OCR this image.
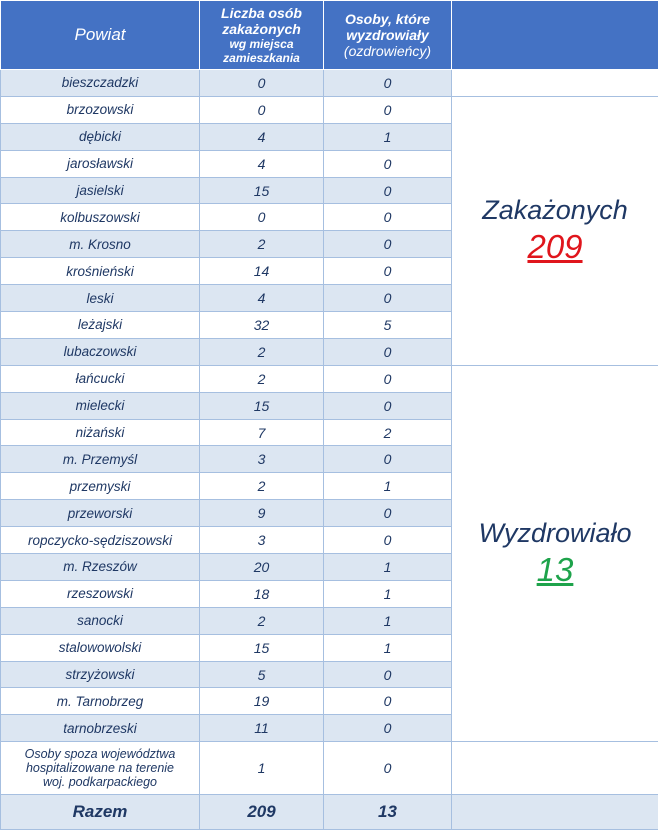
Powiat	Liczba osób
zakażonych
wg miejsca
zamieszkania	Osoby, które
wyzdrowiały
(ozdrowieńcy)	

bieszczadzki	0	0	
brzozowski	0	0	Zakażonych
209

dębicki	4	1	
jarosławski	4	0	
jasielski	15	0	
kolbuszowski	0	0	
m. Krosno	2	0	
krośnieński	14	0	
leski	4	0	
leżajski	32	5	
lubaczowski	2	0	
łańcucki	2	0	Wyzdrowiało
13

mielecki	15	0	
niżański	7	2	
m. Przemyśl	3	0	
przemyski	2	1	
przeworski	9	0	
ropczycko-sędziszowski	3	0	
m. Rzeszów	20	1	
rzeszowski	18	1	
sanocki	2	1	
stalowowolski	15	1	
strzyżowski	5	0	
m. Tarnobrzeg	19	0	
tarnobrzeski	11	0	

Osoby spoza województwa
hospitalizowane na terenie
woj. podkarpackiego	1	0	
Razem	209	13	
